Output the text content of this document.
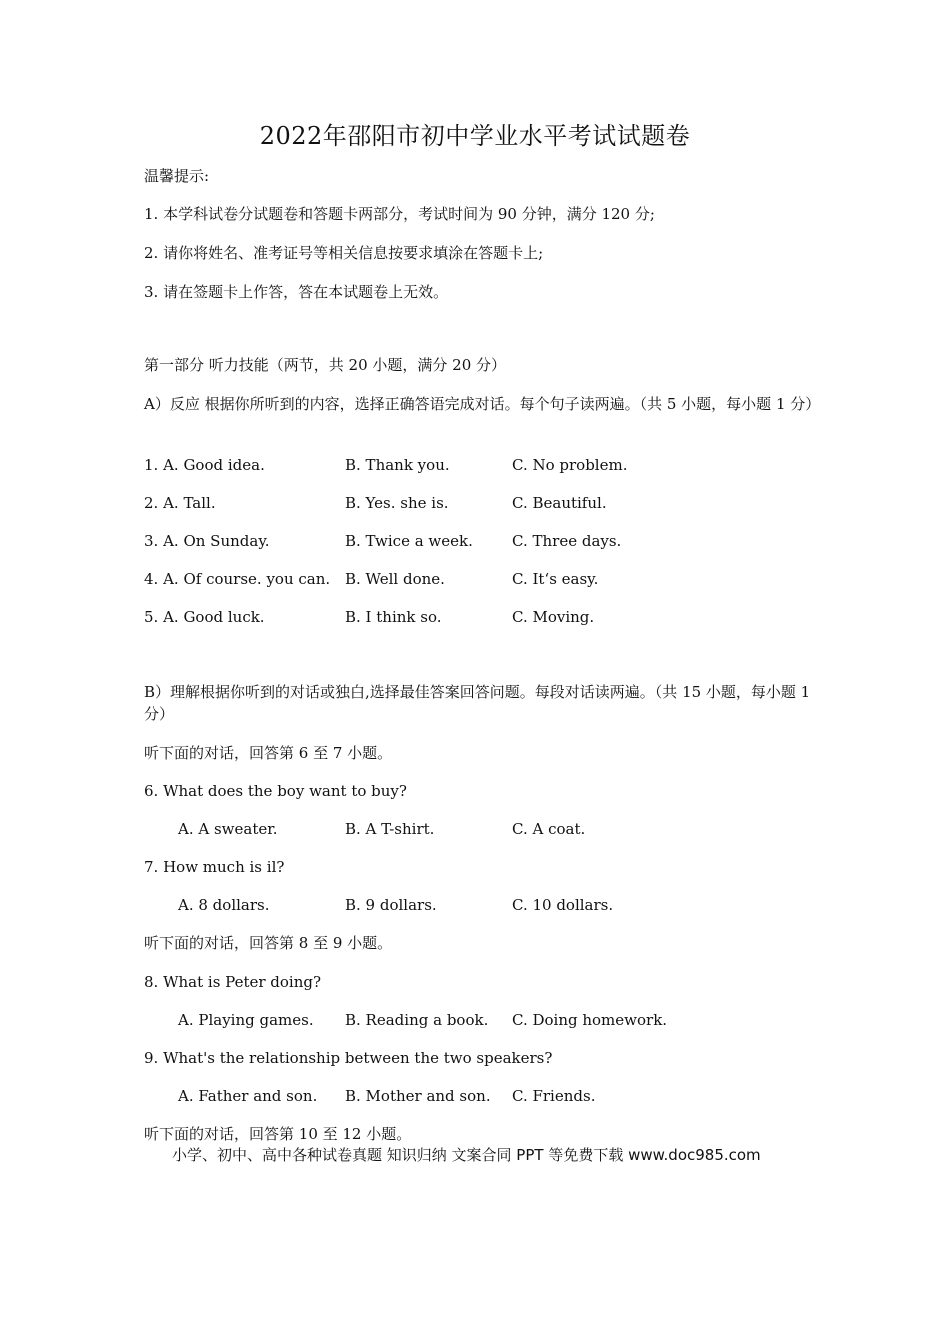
2022年邵阳市初中学业水平考试试题卷
温馨提示:
1. 本学科试卷分试题卷和答题卡两部分，考试时间为 90 分钟，满分 120 分;
2. 请你将姓名、准考证号等相关信息按要求填涂在答题卡上;
3. 请在签题卡上作答，答在本试题卷上无效。
第一部分 听力技能（两节，共 20 小题，满分 20 分）
A）反应 根据你所听到的内容，选择正确答语完成对话。每个句子读两遍。（共 5 小题，每小题 1 分）
1. A. Good idea.	B. Thank you.	C. No problem.
2. A. Tall.	B. Yes. she is.	C. Beautiful.
3. A. On Sunday.	B. Twice a week.	C. Three days.
4. A. Of course. you can. B. Well done.	C. It‘s easy.
5. A. Good luck.	B. I think so.	C. Moving.
B）理解根据你听到的对话或独白,选择最佳答案回答问题。每段对话读两遍。（共 15 小题，每小题 1 分）
听下面的对话，回答第 6 至 7 小题。
6. What does the boy want to buy?
A. A sweater.	B. A T-shirt.	C. A coat.
7. How much is il?
A. 8 dollars.	B. 9 dollars.	C. 10 dollars.
听下面的对话，回答第 8 至 9 小题。
8. What is Peter doing?
A. Playing games. B. Reading a book. C. Doing homework.
9. What's the relationship between the two speakers?
A. Father and son. B. Mother and son. C. Friends.
听下面的对话，回答第 10 至 12 小题。
小学、初中、高中各种试卷真题 知识归纳 文案合同 PPT 等免费下载 www.doc985.com
